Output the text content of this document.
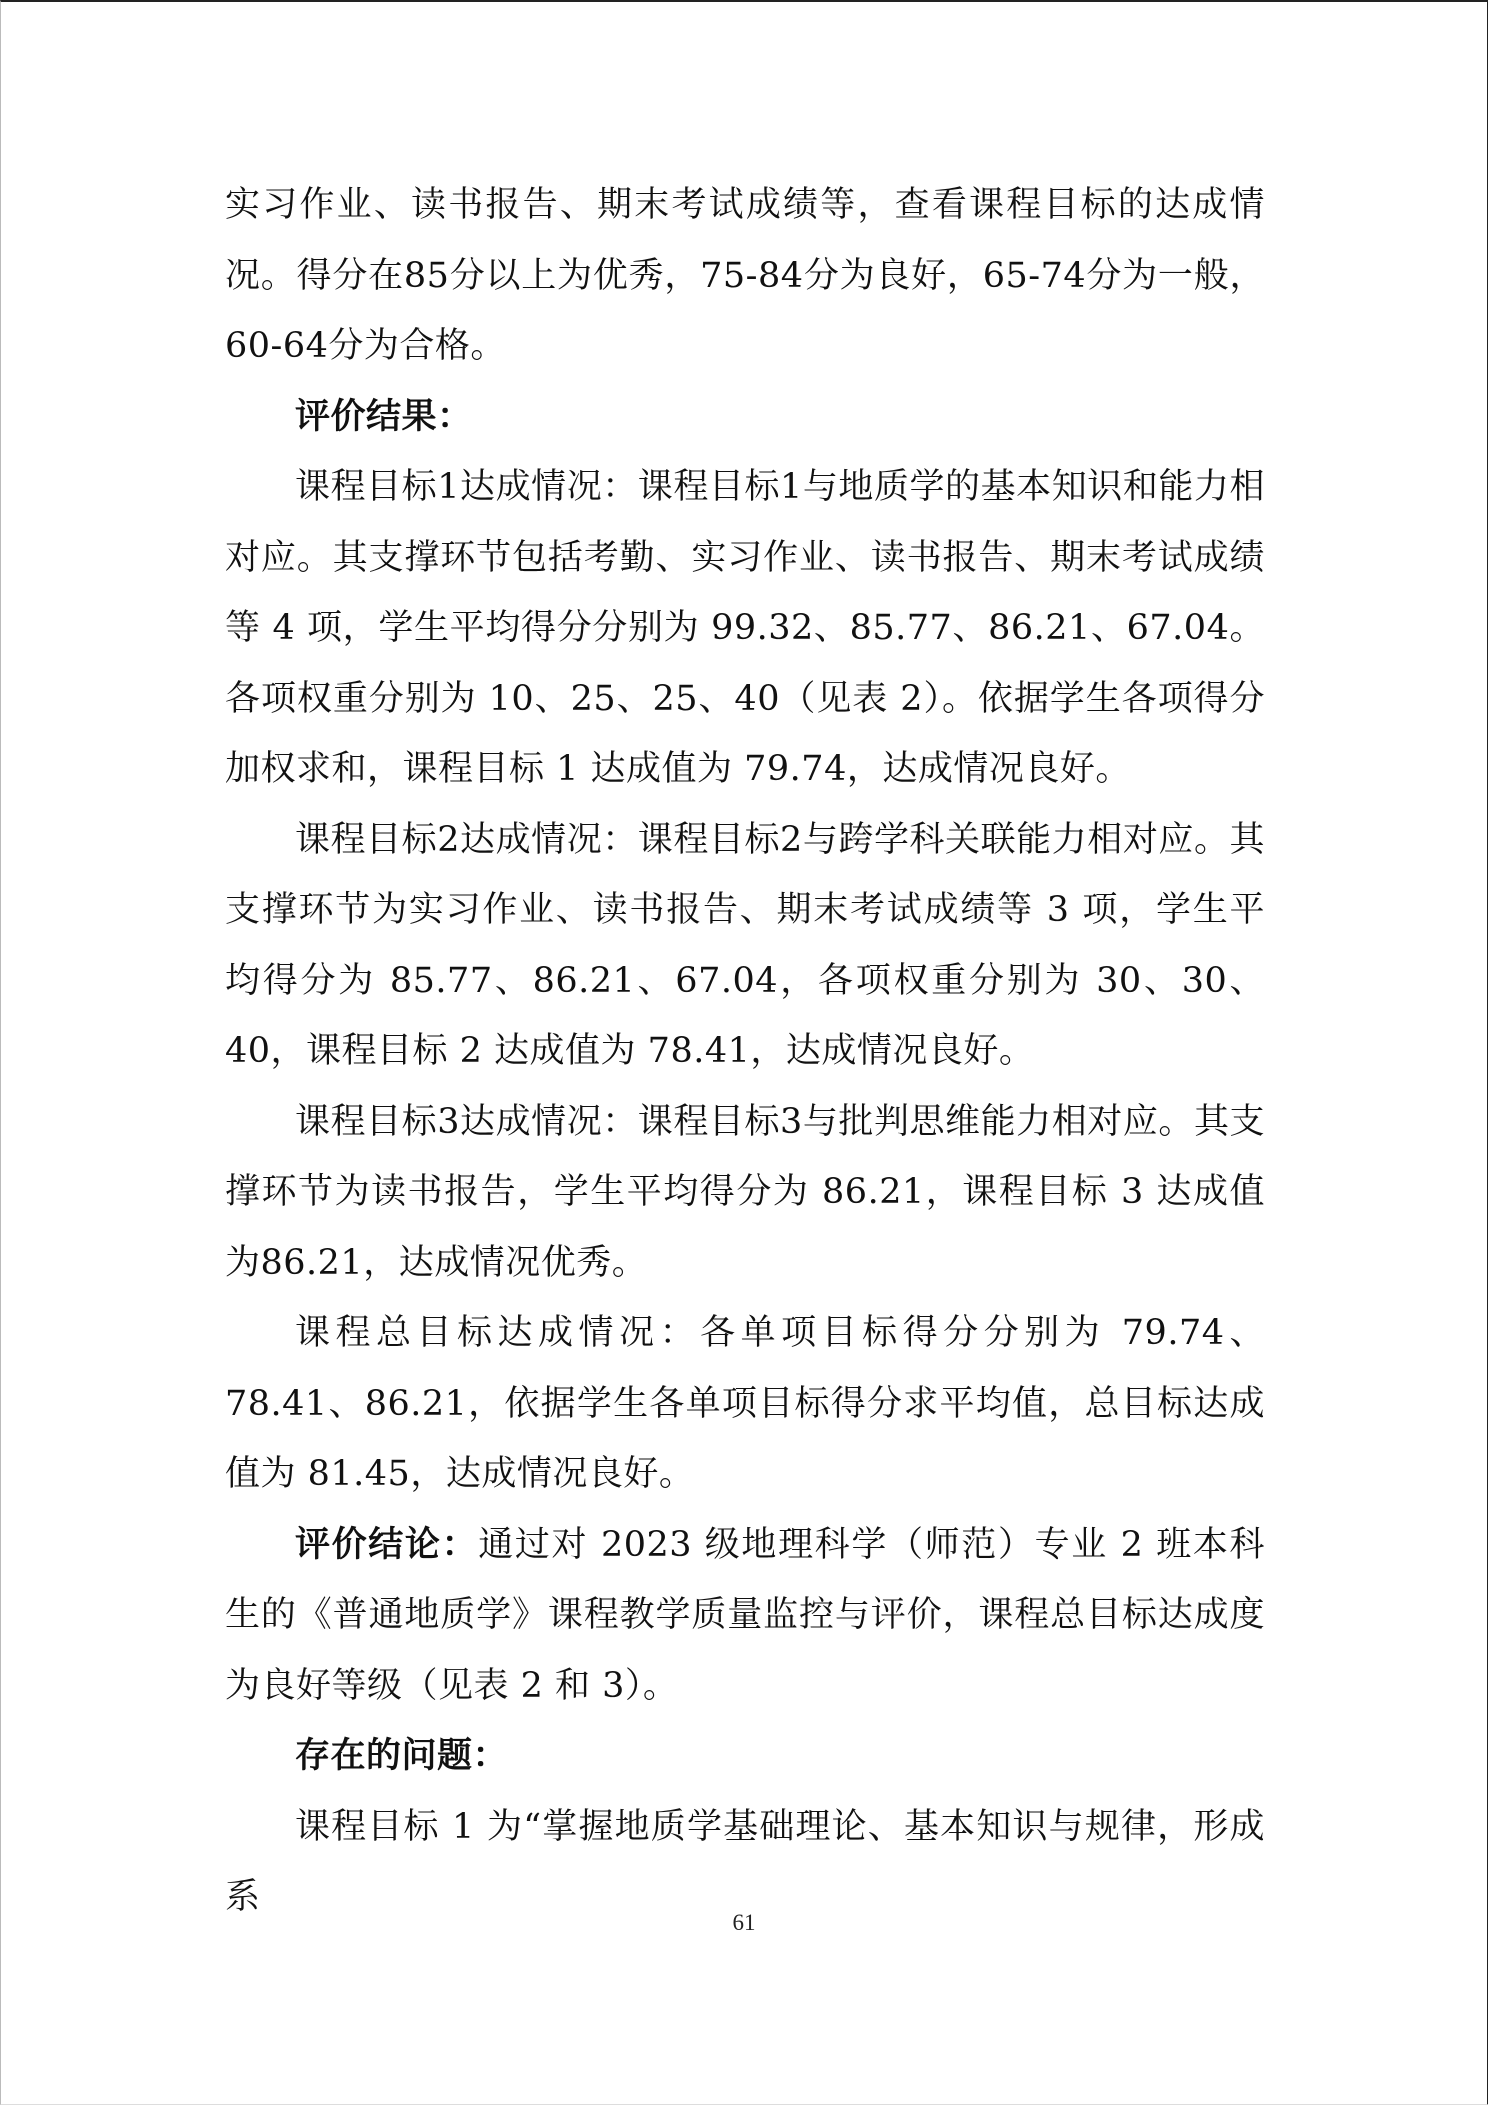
实习作业、读书报告、期末考试成绩等，查看课程目标的达成情况。得分在85分以上为优秀，75-84分为良好，65-74分为一般，60-64分为合格。

评价结果：

课程目标1达成情况：课程目标1与地质学的基本知识和能力相对应。其支撑环节包括考勤、实习作业、读书报告、期末考试成绩等 4 项，学生平均得分分别为 99.32、85.77、86.21、67.04。各项权重分别为 10、25、25、40（见表 2）。依据学生各项得分加权求和，课程目标 1 达成值为 79.74，达成情况良好。

课程目标2达成情况：课程目标2与跨学科关联能力相对应。其支撑环节为实习作业、读书报告、期末考试成绩等 3 项，学生平均得分为 85.77、86.21、67.04，各项权重分别为 30、30、40，课程目标 2 达成值为 78.41，达成情况良好。

课程目标3达成情况：课程目标3与批判思维能力相对应。其支撑环节为读书报告，学生平均得分为 86.21，课程目标 3 达成值为86.21，达成情况优秀。

课程总目标达成情况：各单项目标得分分别为 79.74、78.41、86.21，依据学生各单项目标得分求平均值，总目标达成值为 81.45，达成情况良好。

评价结论：通过对 2023 级地理科学（师范）专业 2 班本科生的《普通地质学》课程教学质量监控与评价，课程总目标达成度为良好等级（见表 2 和 3）。

存在的问题：

课程目标 1 为“掌握地质学基础理论、基本知识与规律，形成系

61
